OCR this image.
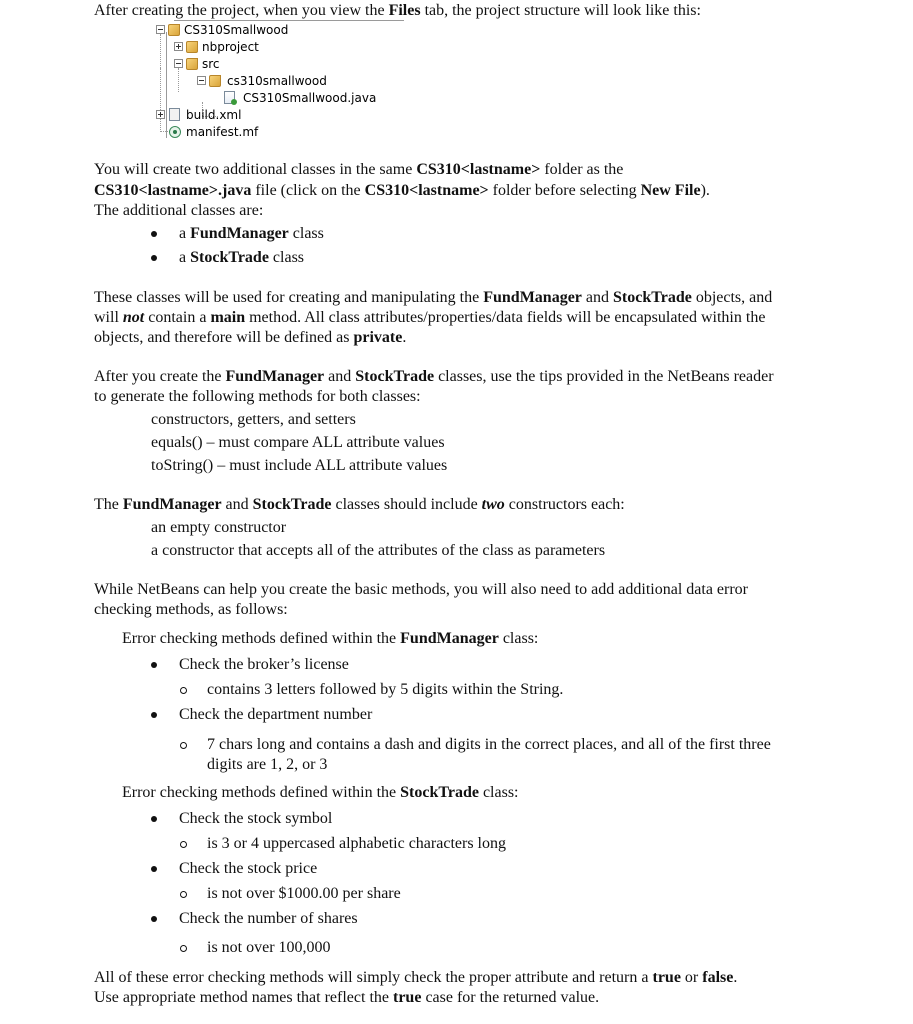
After creating the project, when you view the Files tab, the project structure will look like this:
CS310Smallwood
nbproject
src
cs310smallwood
CS310Smallwood.java
build.xml
manifest.mf
You will create two additional classes in the same CS310<lastname> folder as the
CS310<lastname>.java file (click on the CS310<lastname> folder before selecting New File).
The additional classes are:
a FundManager class
a StockTrade class
These classes will be used for creating and manipulating the FundManager and StockTrade objects, and
will not contain a main method. All class attributes/properties/data fields will be encapsulated within the
objects, and therefore will be defined as private.
After you create the FundManager and StockTrade classes, use the tips provided in the NetBeans reader
to generate the following methods for both classes:
constructors, getters, and setters
equals() – must compare ALL attribute values
toString() – must include ALL attribute values
The FundManager and StockTrade classes should include two constructors each:
an empty constructor
a constructor that accepts all of the attributes of the class as parameters
While NetBeans can help you create the basic methods, you will also need to add additional data error
checking methods, as follows:
Error checking methods defined within the FundManager class:
Check the broker’s license
contains 3 letters followed by 5 digits within the String.
Check the department number
7 chars long and contains a dash and digits in the correct places, and all of the first three
digits are 1, 2, or 3
Error checking methods defined within the StockTrade class:
Check the stock symbol
is 3 or 4 uppercased alphabetic characters long
Check the stock price
is not over $1000.00 per share
Check the number of shares
is not over 100,000
All of these error checking methods will simply check the proper attribute and return a true or false.
Use appropriate method names that reflect the true case for the returned value.
